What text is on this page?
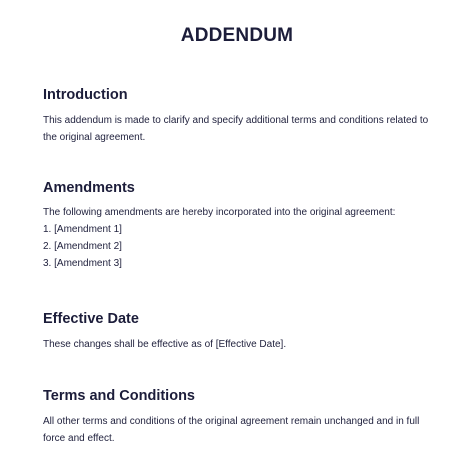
ADDENDUM
Introduction

This addendum is made to clarify and specify additional terms and conditions related to
the original agreement.

Amendments

The following amendments are hereby incorporated into the original agreement:
1. [Amendment 1]
2. [Amendment 2]
3. [Amendment 3]

Effective Date

These changes shall be effective as of [Effective Date].

Terms and Conditions

All other terms and conditions of the original agreement remain unchanged and in full
force and effect.
